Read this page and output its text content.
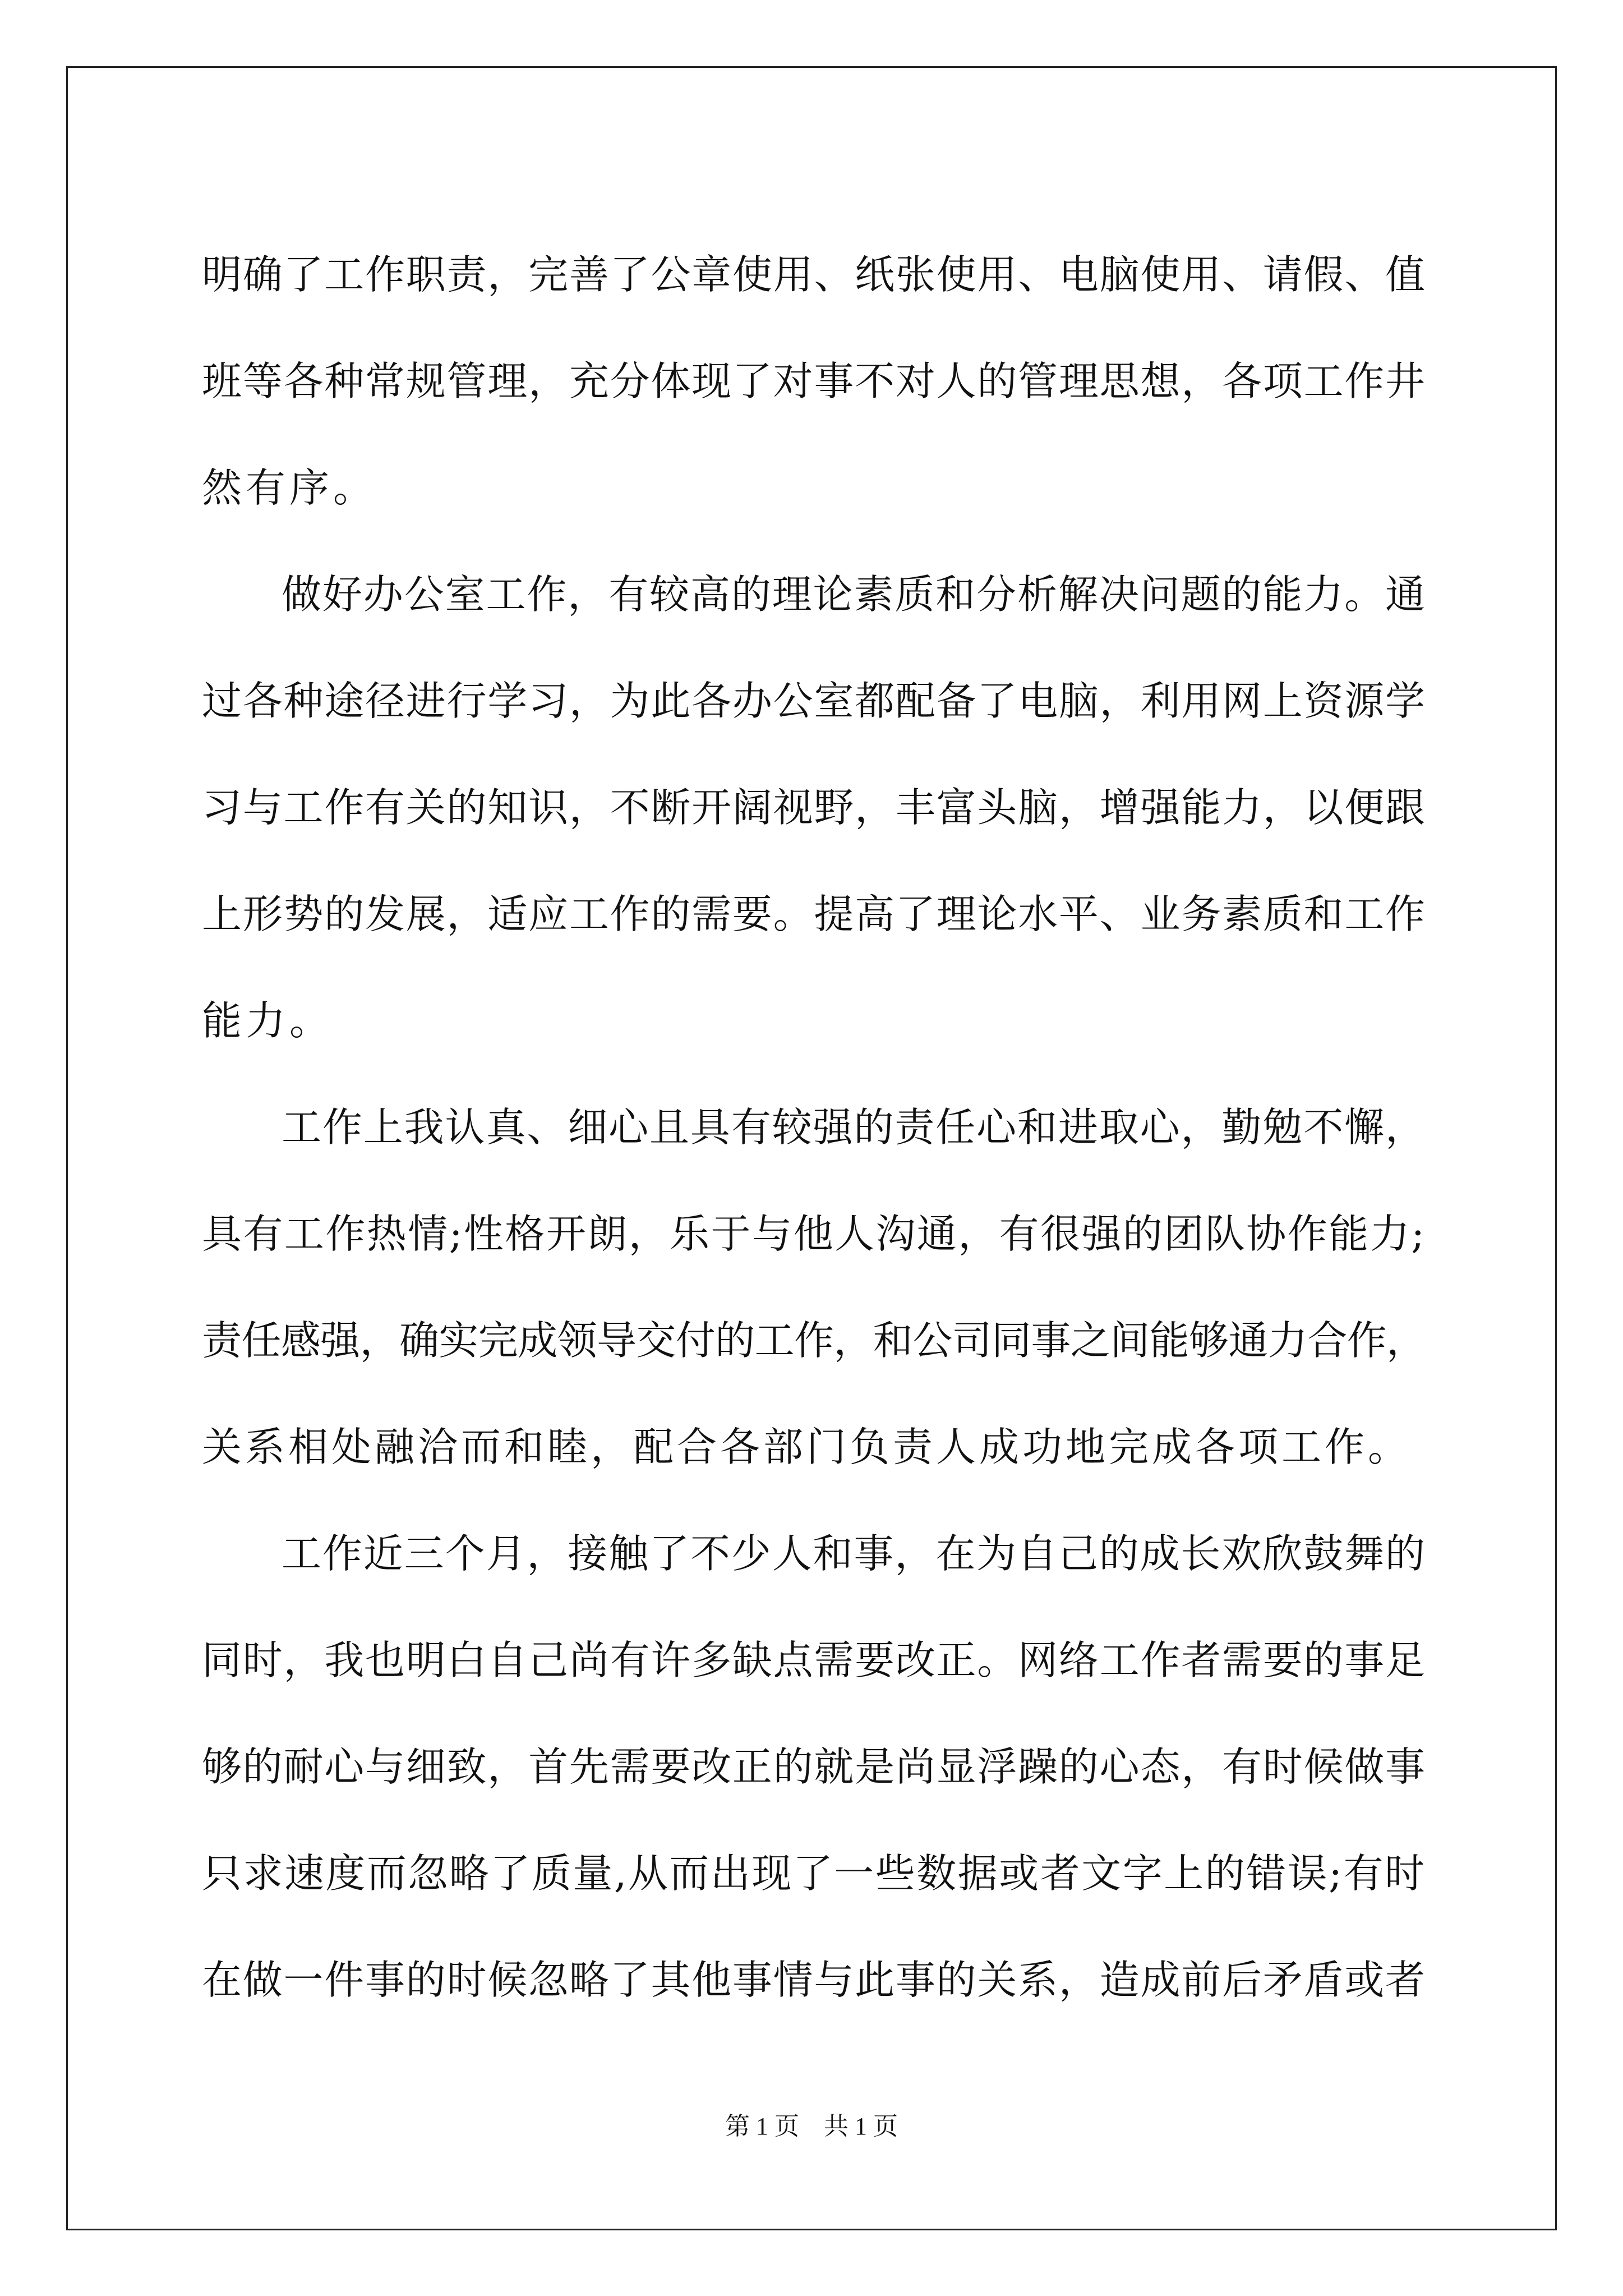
明确了工作职责，完善了公章使用、纸张使用、电脑使用、请假、值
班等各种常规管理，充分体现了对事不对人的管理思想，各项工作井
然有序。
做好办公室工作，有较高的理论素质和分析解决问题的能力。通
过各种途径进行学习，为此各办公室都配备了电脑，利用网上资源学
习与工作有关的知识，不断开阔视野，丰富头脑，增强能力，以便跟
上形势的发展，适应工作的需要。提高了理论水平、业务素质和工作
能力。
工作上我认真、细心且具有较强的责任心和进取心，勤勉不懈，
具有工作热情;性格开朗，乐于与他人沟通，有很强的团队协作能力;
责任感强，确实完成领导交付的工作，和公司同事之间能够通力合作，
关系相处融洽而和睦，配合各部门负责人成功地完成各项工作。
工作近三个月，接触了不少人和事，在为自己的成长欢欣鼓舞的
同时，我也明白自己尚有许多缺点需要改正。网络工作者需要的事足
够的耐心与细致，首先需要改正的就是尚显浮躁的心态，有时候做事
只求速度而忽略了质量,从而出现了一些数据或者文字上的错误;有时
在做一件事的时候忽略了其他事情与此事的关系，造成前后矛盾或者
第 1 页    共 1 页
